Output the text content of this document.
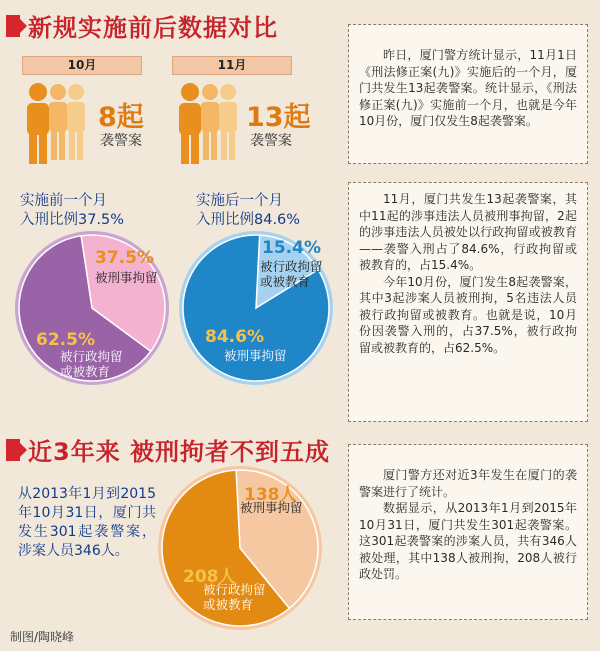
新规实施前后数据对比
10月	11月
8起
袭警案
13起
袭警案
实施前一个月
入刑比例37.5%
实施后一个月
入刑比例84.6%
37.5%
被刑事拘留
62.5%
被行政拘留
或被教育
15.4%
被行政拘留
或被教育
84.6%
被刑事拘留

昨日，厦门警方统计显示，11月1日《刑法修正案(九)》实施后的一个月，厦门共发生13起袭警案。统计显示，《刑法修正案(九)》实施前一个月，也就是今年10月份，厦门仅发生8起袭警案。

11月，厦门共发生13起袭警案，其中11起的涉事违法人员被刑事拘留，2起的涉事违法人员被处以行政拘留或被教育——袭警入刑占了84.6%，行政拘留或被教育的，占15.4%。

今年10月份，厦门发生8起袭警案，其中3起涉案人员被刑拘，5名违法人员被行政拘留或被教育。也就是说，10月份因袭警入刑的，占37.5%，被行政拘留或被教育的，占62.5%。

近3年来 被刑拘者不到五成
从2013年1月到2015年10月31日，厦门共发生301起袭警案，涉案人员346人。
138人
被刑事拘留
208人
被行政拘留
或被教育

厦门警方还对近3年发生在厦门的袭警案进行了统计。

数据显示，从2013年1月到2015年10月31日，厦门共发生301起袭警案。这301起袭警案的涉案人员，共有346人被处理，其中138人被刑拘，208人被行政处罚。

制图/陶晓峰
